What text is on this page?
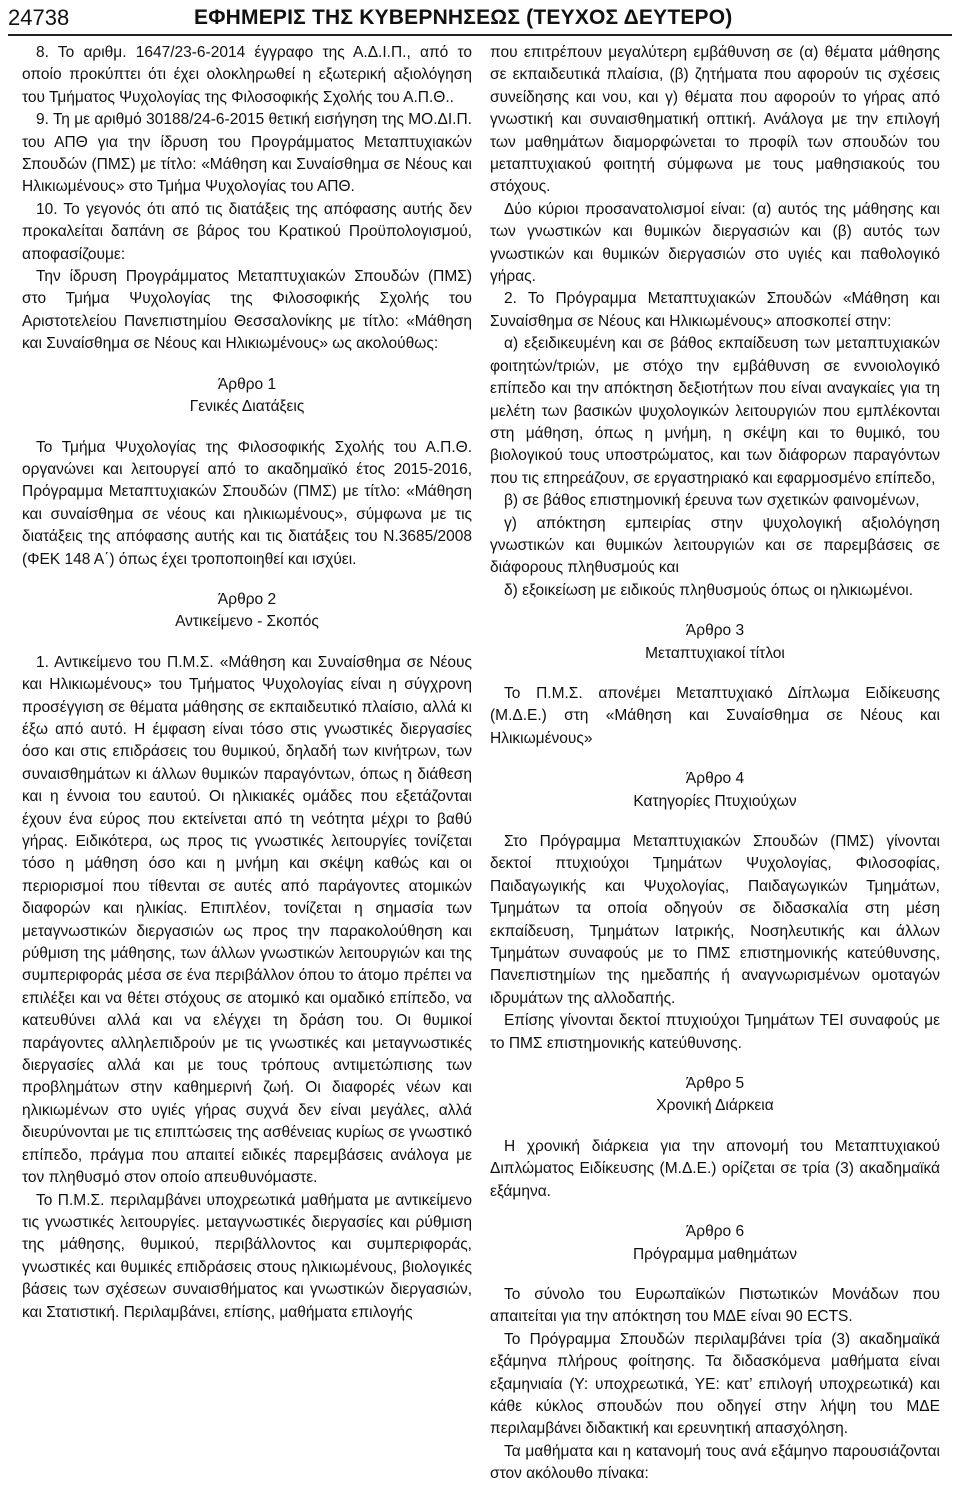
24738	ΕΦΗΜΕΡΙΣ ΤΗΣ ΚΥΒΕΡΝΗΣΕΩΣ (ΤΕΥΧΟΣ ΔΕΥΤΕΡΟ)

8. Το αριθμ. 1647/23-6-2014 έγγραφο της Α.Δ.Ι.Π., από το οποίο προκύπτει ότι έχει ολοκληρωθεί η εξωτερική αξιολόγηση του Τμήματος Ψυχολογίας της Φιλοσοφικής Σχολής του Α.Π.Θ..

9. Τη με αριθμό 30188/24-6-2015 θετική εισήγηση της ΜΟ.ΔΙ.Π. του ΑΠΘ για την ίδρυση του Προγράμματος Μεταπτυχιακών Σπουδών (ΠΜΣ) με τίτλο: «Μάθηση και Συναίσθημα σε Νέους και Ηλικιωμένους» στο Τμήμα Ψυχολογίας του ΑΠΘ.

10. Το γεγονός ότι από τις διατάξεις της απόφασης αυτής δεν προκαλείται δαπάνη σε βάρος του Κρατικού Προϋπολογισμού, αποφασίζουμε:

Την ίδρυση Προγράμματος Μεταπτυχιακών Σπουδών (ΠΜΣ) στο Τμήμα Ψυχολογίας της Φιλοσοφικής Σχολής του Αριστοτελείου Πανεπιστημίου Θεσσαλονίκης με τίτλο: «Μάθηση και Συναίσθημα σε Νέους και Ηλικιωμένους» ως ακολούθως:

Άρθρο 1

Γενικές Διατάξεις

Το Τμήμα Ψυχολογίας της Φιλοσοφικής Σχολής του Α.Π.Θ. οργανώνει και λειτουργεί από το ακαδημαϊκό έτος 2015-2016, Πρόγραμμα Μεταπτυχιακών Σπουδών (ΠΜΣ) με τίτλο: «Μάθηση και συναίσθημα σε νέους και ηλικιωμένους», σύμφωνα με τις διατάξεις της απόφασης αυτής και τις διατάξεις του Ν.3685/2008 (ΦΕΚ 148 Α΄) όπως έχει τροποποιηθεί και ισχύει.

Άρθρο 2

Αντικείμενο - Σκοπός

1. Αντικείμενο του Π.Μ.Σ. «Μάθηση και Συναίσθημα σε Νέους και Ηλικιωμένους» του Τμήματος Ψυχολογίας είναι η σύγχρονη προσέγγιση σε θέματα μάθησης σε εκπαιδευτικό πλαίσιο, αλλά κι έξω από αυτό. Η έμφαση είναι τόσο στις γνωστικές διεργασίες όσο και στις επιδράσεις του θυμικού, δηλαδή των κινήτρων, των συναισθημάτων κι άλλων θυμικών παραγόντων, όπως η διάθεση και η έννοια του εαυτού. Οι ηλικιακές ομάδες που εξετάζονται έχουν ένα εύρος που εκτείνεται από τη νεότητα μέχρι το βαθύ γήρας. Ειδικότερα, ως προς τις γνωστικές λειτουργίες τονίζεται τόσο η μάθηση όσο και η μνήμη και σκέψη καθώς και οι περιορισμοί που τίθενται σε αυτές από παράγοντες ατομικών διαφορών και ηλικίας. Επιπλέον, τονίζεται η σημασία των μεταγνωστικών διεργασιών ως προς την παρακολούθηση και ρύθμιση της μάθησης, των άλλων γνωστικών λειτουργιών και της συμπεριφοράς μέσα σε ένα περιβάλλον όπου το άτομο πρέπει να επιλέξει και να θέτει στόχους σε ατομικό και ομαδικό επίπεδο, να κατευθύνει αλλά και να ελέγχει τη δράση του. Οι θυμικοί παράγοντες αλληλεπιδρούν με τις γνωστικές και μεταγνωστικές διεργασίες αλλά και με τους τρόπους αντιμετώπισης των προβλημάτων στην καθημερινή ζωή. Οι διαφορές νέων και ηλικιωμένων στο υγιές γήρας συχνά δεν είναι μεγάλες, αλλά διευρύνονται με τις επιπτώσεις της ασθένειας κυρίως σε γνωστικό επίπεδο, πράγμα που απαιτεί ειδικές παρεμβάσεις ανάλογα με τον πληθυσμό στον οποίο απευθυνόμαστε.

Το Π.Μ.Σ. περιλαμβάνει υποχρεωτικά μαθήματα με αντικείμενο τις γνωστικές λειτουργίες. μεταγνωστικές διεργασίες και ρύθμιση της μάθησης, θυμικού, περιβάλλοντος και συμπεριφοράς, γνωστικές και θυμικές επιδράσεις στους ηλικιωμένους, βιολογικές βάσεις των σχέσεων συναισθήματος και γνωστικών διεργασιών, και Στατιστική. Περιλαμβάνει, επίσης, μαθήματα επιλογής

που επιτρέπουν μεγαλύτερη εμβάθυνση σε (α) θέματα μάθησης σε εκπαιδευτικά πλαίσια, (β) ζητήματα που αφορούν τις σχέσεις συνείδησης και νου, και γ) θέματα που αφορούν το γήρας από γνωστική και συναισθηματική οπτική. Ανάλογα με την επιλογή των μαθημάτων διαμορφώνεται το προφίλ των σπουδών του μεταπτυχιακού φοιτητή σύμφωνα με τους μαθησιακούς του στόχους.

Δύο κύριοι προσανατολισμοί είναι: (α) αυτός της μάθησης και των γνωστικών και θυμικών διεργασιών και (β) αυτός των γνωστικών και θυμικών διεργασιών στο υγιές και παθολογικό γήρας.

2. Το Πρόγραμμα Μεταπτυχιακών Σπουδών «Μάθηση και Συναίσθημα σε Νέους και Ηλικιωμένους» αποσκοπεί στην:

α) εξειδικευμένη και σε βάθος εκπαίδευση των μεταπτυχιακών φοιτητών/τριών, με στόχο την εμβάθυνση σε εννοιολογικό επίπεδο και την απόκτηση δεξιοτήτων που είναι αναγκαίες για τη μελέτη των βασικών ψυχολογικών λειτουργιών που εμπλέκονται στη μάθηση, όπως η μνήμη, η σκέψη και το θυμικό, του βιολογικού τους υποστρώματος, και των διάφορων παραγόντων που τις επηρεάζουν, σε εργαστηριακό και εφαρμοσμένο επίπεδο,

β) σε βάθος επιστημονική έρευνα των σχετικών φαινομένων,

γ) απόκτηση εμπειρίας στην ψυχολογική αξιολόγηση γνωστικών και θυμικών λειτουργιών και σε παρεμβάσεις σε διάφορους πληθυσμούς και

δ) εξοικείωση με ειδικούς πληθυσμούς όπως οι ηλικιωμένοι.

Άρθρο 3

Μεταπτυχιακοί τίτλοι

Το Π.Μ.Σ. απονέμει Μεταπτυχιακό Δίπλωμα Ειδίκευσης (Μ.Δ.Ε.) στη «Μάθηση και Συναίσθημα σε Νέους και Ηλικιωμένους»

Άρθρο 4

Κατηγορίες Πτυχιούχων

Στο Πρόγραμμα Μεταπτυχιακών Σπουδών (ΠΜΣ) γίνονται δεκτοί πτυχιούχοι Τμημάτων Ψυχολογίας, Φιλοσοφίας, Παιδαγωγικής και Ψυχολογίας, Παιδαγωγικών Τμημάτων, Τμημάτων τα οποία οδηγούν σε διδασκαλία στη μέση εκπαίδευση, Τμημάτων Ιατρικής, Νοσηλευτικής και άλλων Τμημάτων συναφούς με το ΠΜΣ επιστημονικής κατεύθυνσης, Πανεπιστημίων της ημεδαπής ή αναγνωρισμένων ομοταγών ιδρυμάτων της αλλοδαπής.

Επίσης γίνονται δεκτοί πτυχιούχοι Τμημάτων ΤΕΙ συναφούς με το ΠΜΣ επιστημονικής κατεύθυνσης.

Άρθρο 5

Χρονική Διάρκεια

Η χρονική διάρκεια για την απονομή του Μεταπτυχιακού Διπλώματος Ειδίκευσης (Μ.Δ.Ε.) ορίζεται σε τρία (3) ακαδημαϊκά εξάμηνα.

Άρθρο 6

Πρόγραμμα μαθημάτων

Το σύνολο του Ευρωπαϊκών Πιστωτικών Μονάδων που απαιτείται για την απόκτηση του ΜΔΕ είναι 90 ECTS.

Το Πρόγραμμα Σπουδών περιλαμβάνει τρία (3) ακαδημαϊκά εξάμηνα πλήρους φοίτησης. Τα διδασκόμενα μαθήματα είναι εξαμηνιαία (Υ: υποχρεωτικά, ΥΕ: κατ’ επιλογή υποχρεωτικά) και κάθε κύκλος σπουδών που οδηγεί στην λήψη του ΜΔΕ περιλαμβάνει διδακτική και ερευνητική απασχόληση.

Τα μαθήματα και η κατανομή τους ανά εξάμηνο παρουσιάζονται στον ακόλουθο πίνακα:
